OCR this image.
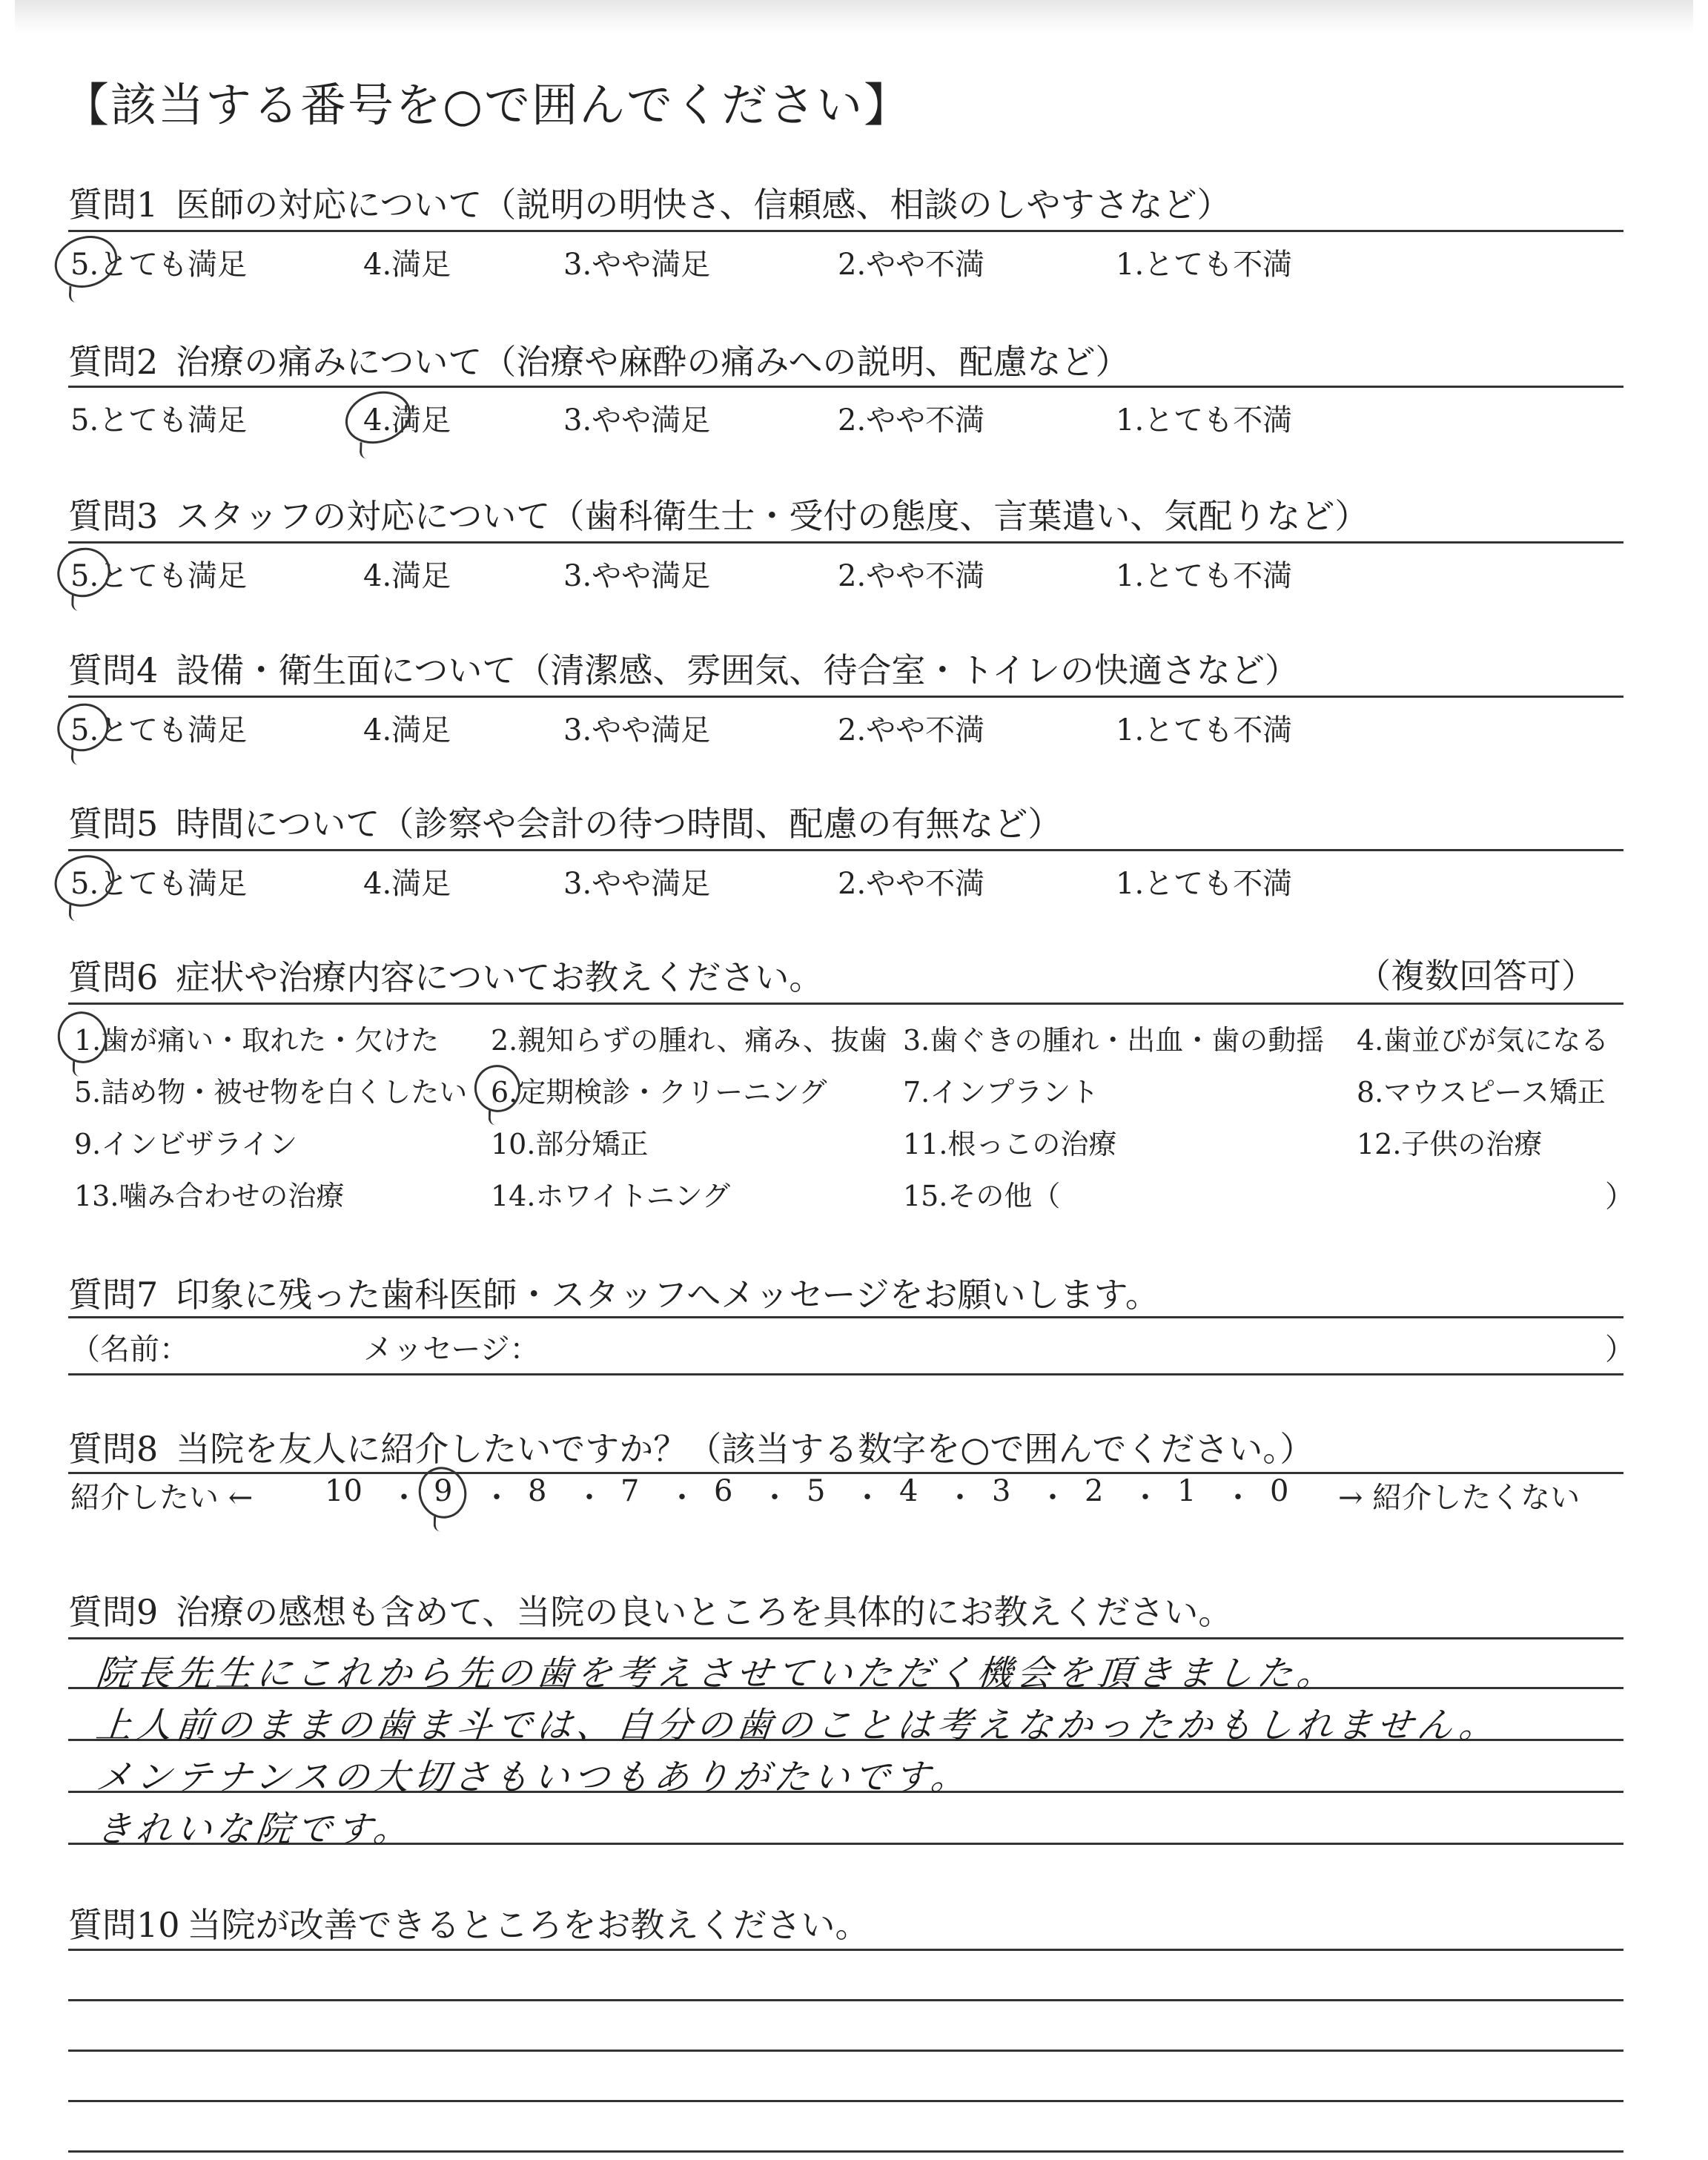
【該当する番号を○で囲んでください】
質問1 医師の対応について（説明の明快さ、信頼感、相談のしやすさなど）
5.とても満足	4.満足	3.やや満足	2.やや不満	1.とても不満
質問2 治療の痛みについて（治療や麻酔の痛みへの説明、配慮など）
5.とても満足	4.満足	3.やや満足	2.やや不満	1.とても不満
質問3 スタッフの対応について（歯科衛生士・受付の態度、言葉遣い、気配りなど）
5.とても満足	4.満足	3.やや満足	2.やや不満	1.とても不満
質問4 設備・衛生面について（清潔感、雰囲気、待合室・トイレの快適さなど）
5.とても満足	4.満足	3.やや満足	2.やや不満	1.とても不満
質問5 時間について（診察や会計の待つ時間、配慮の有無など）
5.とても満足	4.満足	3.やや満足	2.やや不満	1.とても不満
質問6 症状や治療内容についてお教えください。	（複数回答可）
1.歯が痛い・取れた・欠けた 2.親知らずの腫れ、痛み、抜歯 3.歯ぐきの腫れ・出血・歯の動揺 4.歯並びが気になる
5.詰め物・被せ物を白くしたい 6.定期検診・クリーニング	7.インプラント	8.マウスピース矯正
9.インビザライン	10.部分矯正	11.根っこの治療	12.子供の治療
13.噛み合わせの治療	14.ホワイトニング	15.その他（	）
質問7 印象に残った歯科医師・スタッフへメッセージをお願いします。
（名前：	メッセージ：	）
質問8 当院を友人に紹介したいですか？（該当する数字を○で囲んでください。）
紹介したい ← 10 ・ 9 ・ 8 ・ 7 ・ 6 ・ 5 ・ 4 ・ 3 ・ 2 ・ 1 ・ 0 → 紹介したくない
質問9 治療の感想も含めて、当院の良いところを具体的にお教えください。
院長先生にこれから先の歯を考えさせていただく機会を頂きました。
上人前のままの歯ま斗では、自分の歯のことは考えなかったかもしれません。
メンテナンスの大切さもいつもありがたいです。
きれいな院です。
質問10 当院が改善できるところをお教えください。
